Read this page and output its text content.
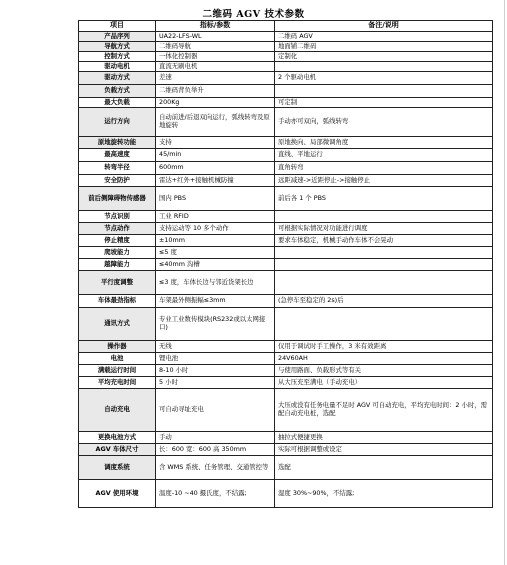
二维码 AGV 技术参数
项目	指标/参数	备注/说明
产品序列	UA22-LFS-WL	二维码 AGV
导航方式	二维码导航	地面铺二维码
控制方式	一体化控制器	定制化
驱动电机	直流无刷电机	
驱动方式	差速	2 个驱动电机
负载方式	二维码背负举升	
最大负载	200Kg	可定制
运行方向	自动前进/后退双向运行，弧线转弯及原地旋转	手动亦可双向，弧线转弯
原地旋转功能	支持	原地换向、局部微调角度
最高速度	45/min	直线、平地运行
转弯半径	600mm	直角转弯
安全防护	雷达+红外+接触机械防撞	远距减速->近距停止->接触停止
前后侧障碍物传感器	国内 PBS	前后各 1 个 PBS
节点识别	工业 RFID	
节点动作	支持运动等 10 多个动作	可根据实际情况对功能进行调度
停止精度	±10mm	要求车体稳定，机械手动作车体不会晃动
爬坡能力	≤5 度	
越障能力	≤40mm 沟槽	
平行度调整	≤3 度，车体长边与邻近货架长边	
车体最劲指标	车架最外侧振幅≤3mm	(急停车至稳定的 2s)后
通讯方式	专业工业数传模块(RS232或以太网接口)	
操作器	无线	仅用于调试时手工操作，3 米有效距离
电池	锂电池	24V60AH
满载运行时间	8-10 小时	与使用路面、负载形式等有关
平均充电时间	5 小时	从大压充至满电（手动充电）
自动充电	可自动寻址充电	大压或没有任务电量不足时 AGV 可自动充电，平均充电时间：2 小时，需配自动充电桩，选配
更换电池方式	手动	抽拉式便捷更换
AGV 车体尺寸	长：600 宽：600 高 350mm	实际可根据调整或设定
调度系统	含 WMS 系统、任务管理、交通管控等	选配
AGV 使用环境	温度-10 ~40 摄氏度，不结露;	湿度 30%~90%，不结露;
